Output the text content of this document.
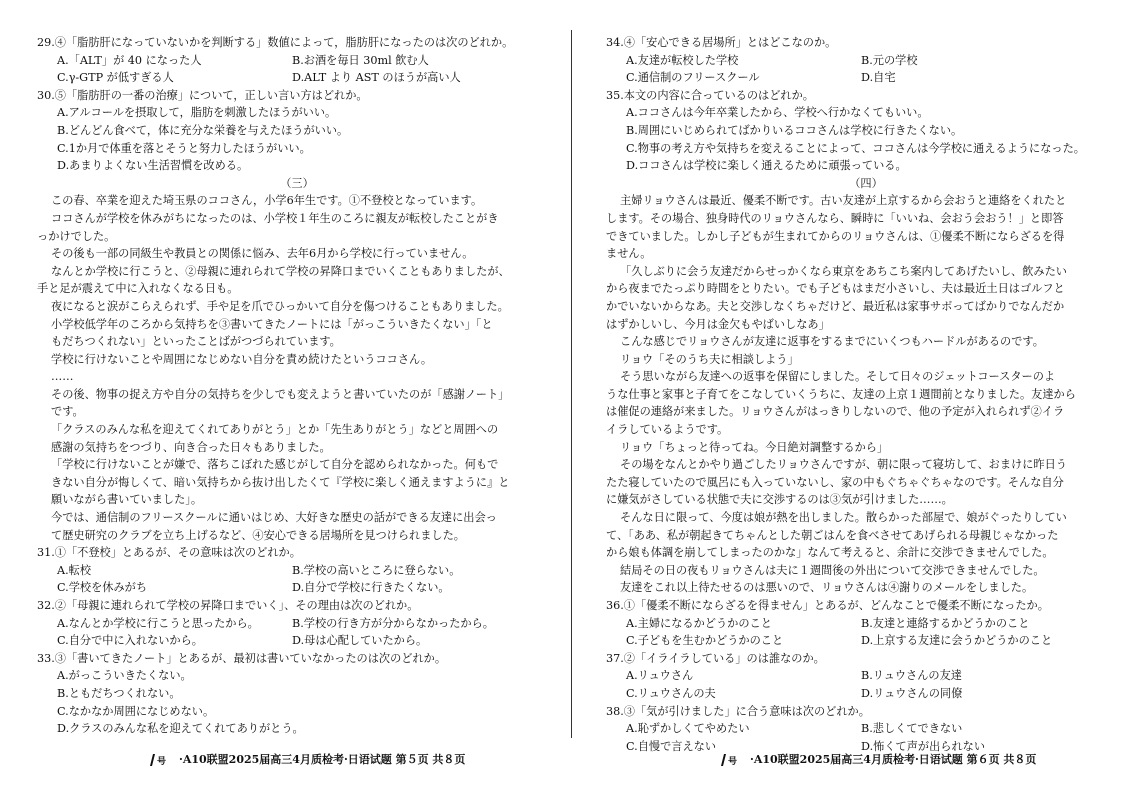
29.④「脂肪肝になっていないかを判断する」数値によって，脂肪肝になったのは次のどれか。
A.「ALT」が 40 になった人	B.お酒を毎日 30ml 飲む人
C.γ-GTP が低すぎる人	D.ALT より AST のほうが高い人
30.⑤「脂肪肝の一番の治療」について，正しい言い方はどれか。
A.アルコールを摂取して，脂肪を刺激したほうがいい。
B.どんどん食べて，体に充分な栄養を与えたほうがいい。
C.1か月で体重を落とそうと努力したほうがいい。
D.あまりよくない生活習慣を改める。
（三）
この春、卒業を迎えた埼玉県のココさん，小学6年生です。①不登校となっています。
ココさんが学校を休みがちになったのは、小学校１年生のころに親友が転校したことがき
っかけでした。
その後も一部の同級生や教員との関係に悩み、去年6月から学校に行っていません。
なんとか学校に行こうと、②母親に連れられて学校の昇降口までいくこともありましたが、
手と足が震えて中に入れなくなる日も。
夜になると涙がこらえられず、手や足を爪でひっかいて自分を傷つけることもありました。
小学校低学年のころから気持ちを③書いてきたノートには「がっこういきたくない」「と
もだちつくれない」といったことばがつづられています。
学校に行けないことや周囲になじめない自分を責め続けたというココさん。
……
その後、物事の捉え方や自分の気持ちを少しでも変えようと書いていたのが「感謝ノート」
です。
「クラスのみんな私を迎えてくれてありがとう」とか「先生ありがとう」などと周囲への
感謝の気持ちをつづり、向き合った日々もありました。
「学校に行けないことが嫌で、落ちこぼれた感じがして自分を認められなかった。何もで
きない自分が悔しくて、暗い気持ちから抜け出したくて『学校に楽しく通えますように』と
願いながら書いていました」。
今では、通信制のフリースクールに通いはじめ、大好きな歴史の話ができる友達に出会っ
て歴史研究のクラブを立ち上げるなど、④安心できる居場所を見つけられました。
31.①「不登校」とあるが、その意味は次のどれか。
A.転校	B.学校の高いところに登らない。
C.学校を休みがち	D.自分で学校に行きたくない。
32.②「母親に連れられて学校の昇降口までいく」、その理由は次のどれか。
A.なんとか学校に行こうと思ったから。	B.学校の行き方が分からなかったから。
C.自分で中に入れないから。	D.母は心配していたから。
33.③「書いてきたノート」とあるが、最初は書いていなかったのは次のどれか。
A.がっこういきたくない。
B.ともだちつくれない。
C.なかなか周囲になじめない。
D.クラスのみんな私を迎えてくれてありがとう。
34.④「安心できる居場所」とはどこなのか。
A.友達が転校した学校	B.元の学校
C.通信制のフリースクール	D.自宅
35.本文の内容に合っているのはどれか。
A.ココさんは今年卒業したから、学校へ行かなくてもいい。
B.周囲にいじめられてばかりいるココさんは学校に行きたくない。
C.物事の考え方や気持ちを変えることによって、ココさんは今学校に通えるようになった。
D.ココさんは学校に楽しく通えるために頑張っている。
（四）
主婦リョウさんは最近、優柔不断です。古い友達が上京するから会おうと連絡をくれたと
します。その場合、独身時代のリョウさんなら、瞬時に「いいね、会おう会おう！」と即答
できていました。しかし子どもが生まれてからのリョウさんは、①優柔不断にならざるを得
ません。
「久しぶりに会う友達だからせっかくなら東京をあちこち案内してあげたいし、飲みたい
から夜までたっぷり時間をとりたい。でも子どもはまだ小さいし、夫は最近土日はゴルフと
かでいないからなあ。夫と交渉しなくちゃだけど、最近私は家事サボってばかりでなんだか
はずかしいし、今月は金欠もやばいしなあ」
こんな感じでリョウさんが友達に返事をするまでにいくつもハードルがあるのです。
リョウ「そのうち夫に相談しよう」
そう思いながら友達への返事を保留にしました。そして日々のジェットコースターのよ
うな仕事と家事と子育てをこなしていくうちに、友達の上京１週間前となりました。友達から
は催促の連絡が来ました。リョウさんがはっきりしないので、他の予定が入れられず②イラ
イラしているようです。
リョウ「ちょっと待ってね。今日絶対調整するから」
その場をなんとかやり過ごしたリョウさんですが、朝に限って寝坊して、おまけに昨日う
たた寝していたので風呂にも入っていないし、家の中もぐちゃぐちゃなのです。そんな自分
に嫌気がさしている状態で夫に交渉するのは③気が引けました……。
そんな日に限って、今度は娘が熱を出しました。散らかった部屋で、娘がぐったりしてい
て、「ああ、私が朝起きてちゃんとした朝ごはんを食べさせてあげられる母親じゃなかった
から娘も体調を崩してしまったのかな」なんて考えると、余計に交渉できませんでした。
結局その日の夜もリョウさんは夫に１週間後の外出について交渉できませんでした。
友達をこれ以上待たせるのは悪いので、リョウさんは④謝りのメールをしました。
36.①「優柔不断にならざるを得ません」とあるが、どんなことで優柔不断になったか。
A.主婦になるかどうかのこと	B.友達と連絡するかどうかのこと
C.子どもを生むかどうかのこと	D.上京する友達に会うかどうかのこと
37.②「イライラしている」のは誰なのか。
A.リュウさん	B.リュウさんの友達
C.リュウさんの夫	D.リュウさんの同僚
38.③「気が引けました」に合う意味は次のどれか。
A.恥ずかしくてやめたい	B.悲しくてできない
C.自慢で言えない	D.怖くて声が出られない
号 ·A10联盟2025届高三4月质检考·日语试题 第５页 共８页	号 ·A10联盟2025届高三4月质检考·日语试题 第６页 共８页
